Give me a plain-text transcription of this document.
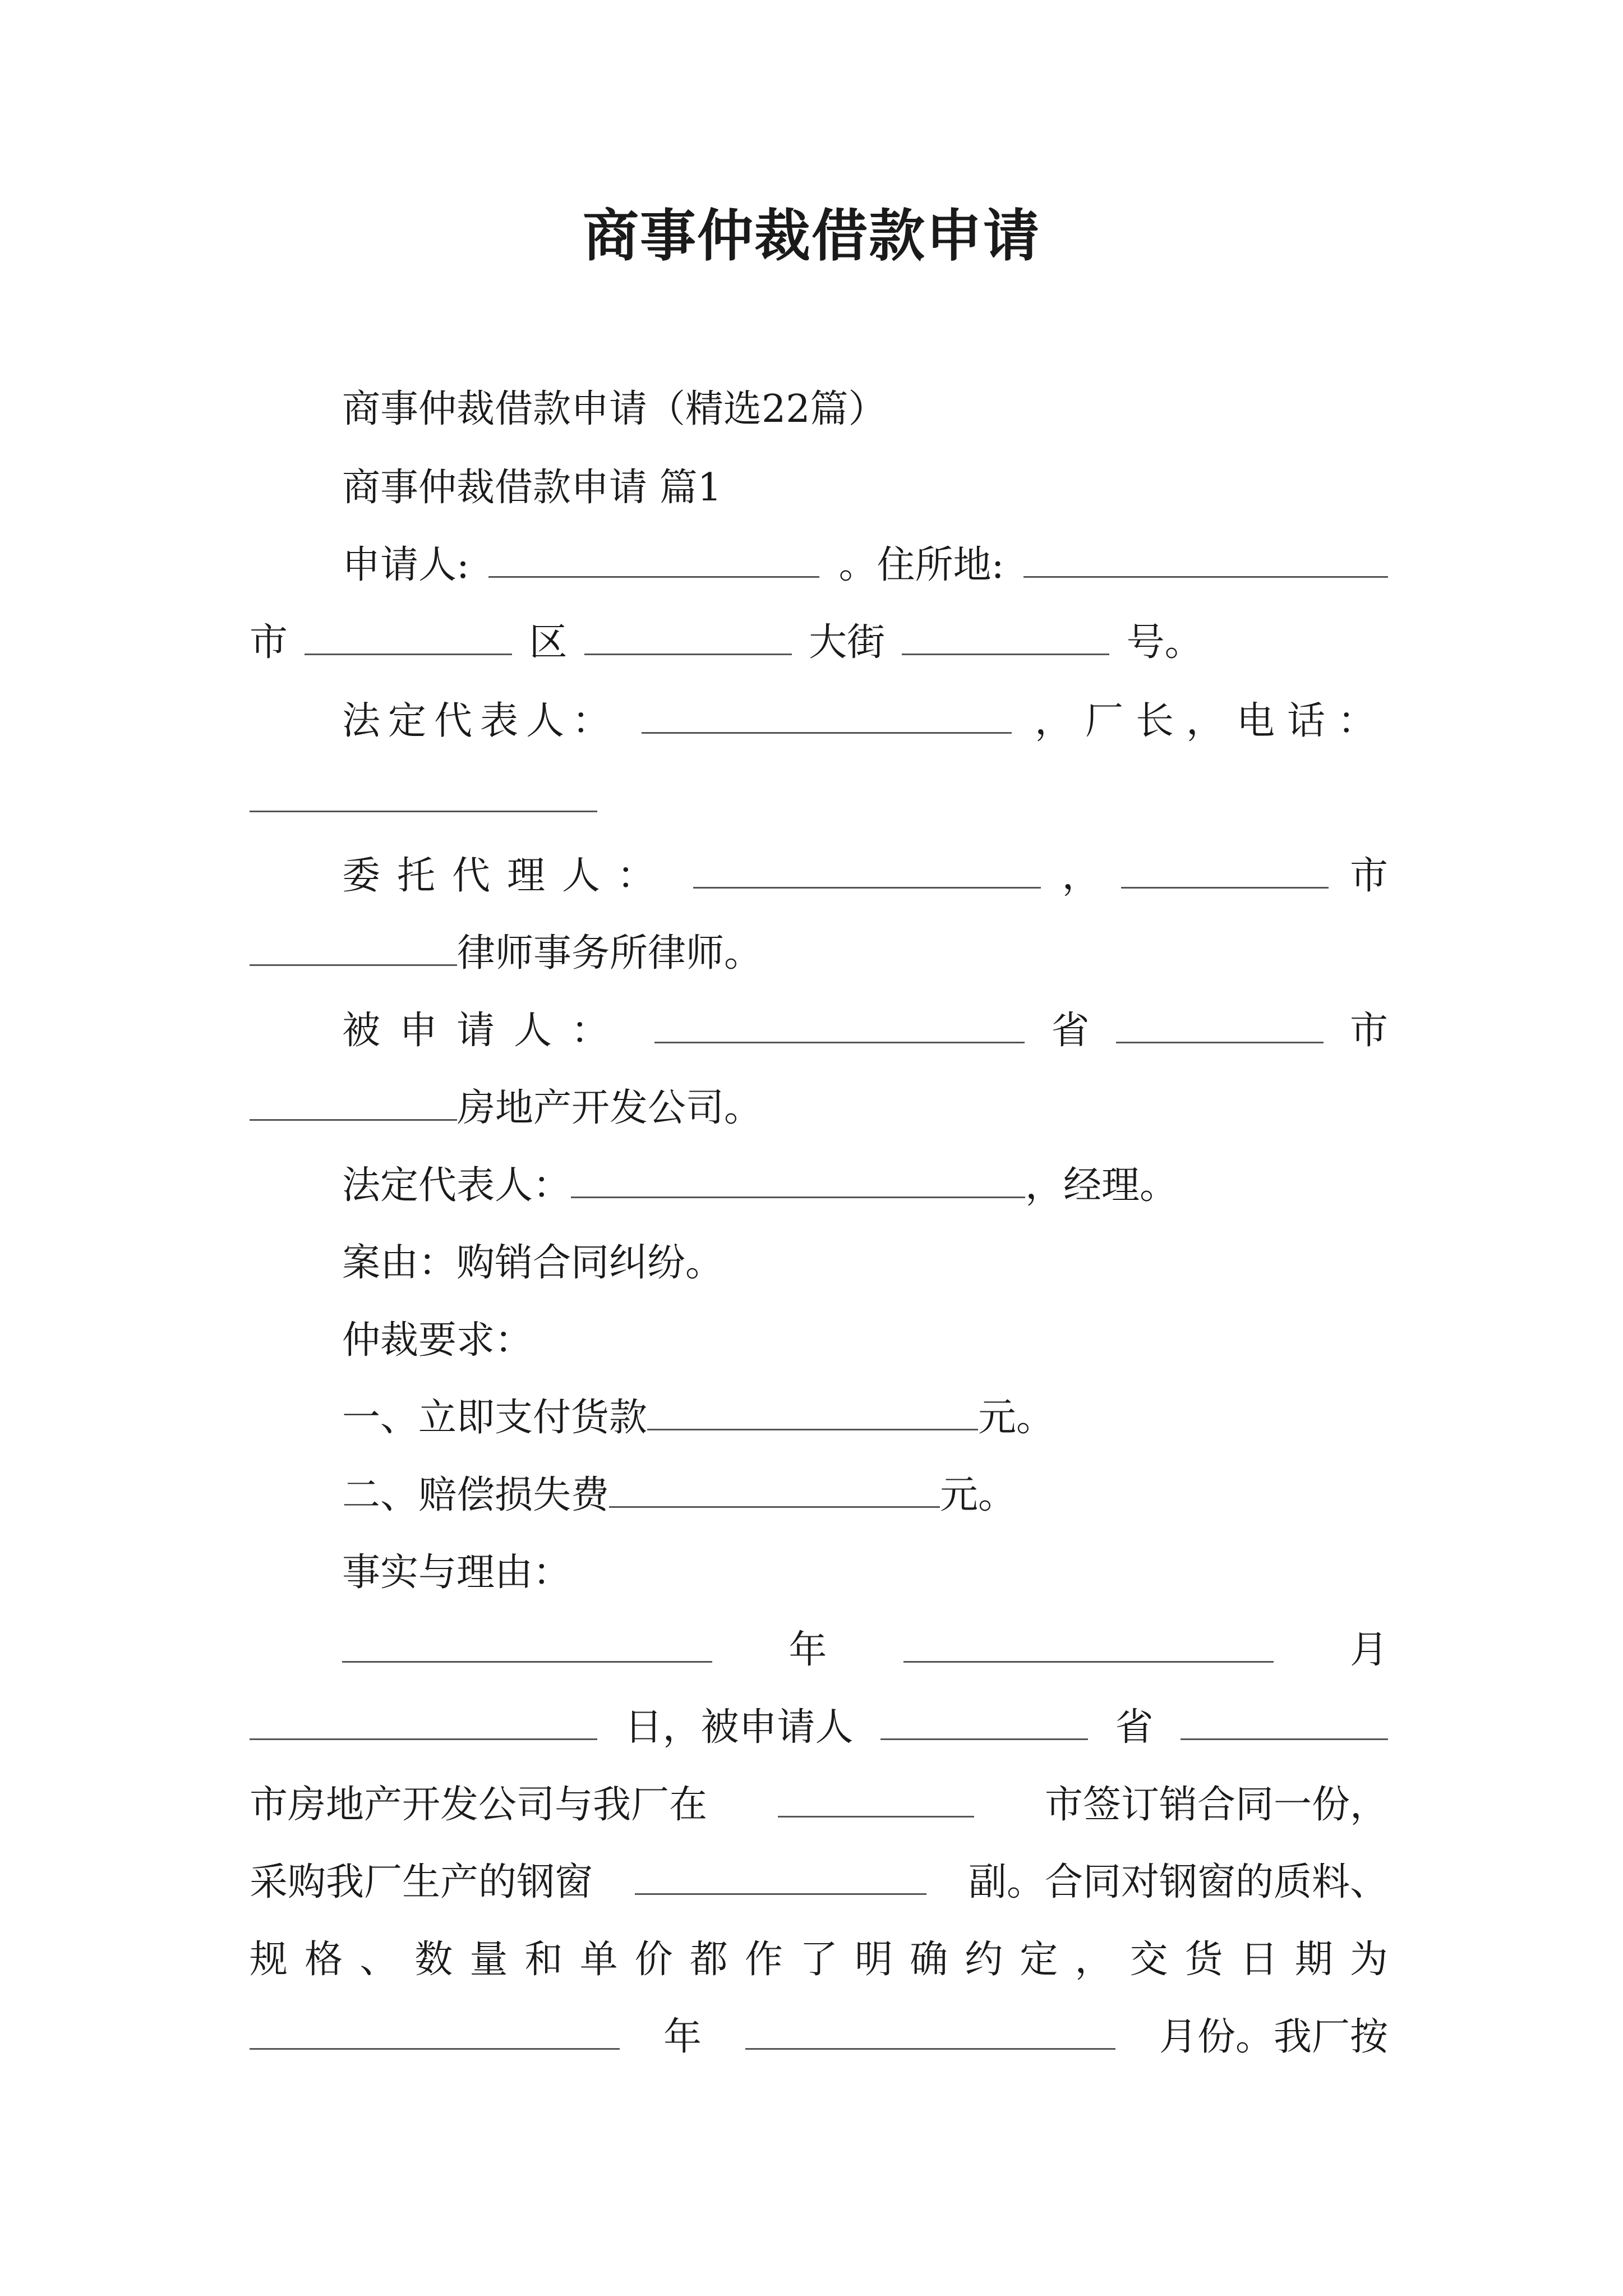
商事仲裁借款申请
商事仲裁借款申请（精选22篇）
商事仲裁借款申请 篇1
申请人:	。住所地:
市	区	大街	号。
法定代表人：	，厂长，电话：
委托代理人：	，	市
律师事务所律师。
被申请人：	省	市
房地产开发公司。
法定代表人：	，经理。
案由：购销合同纠纷。
仲裁要求：
一、立即支付货款	元。
二、赔偿损失费	元。
事实与理由：
年	月
日，被申请人	省
市房地产开发公司与我厂在	市签订销合同一份，
采购我厂生产的钢窗	副。合同对钢窗的质料、
规 格 、 数 量 和 单 价 都 作 了 明 确 约 定 ， 交 货 日 期 为
年	月份。我厂按
